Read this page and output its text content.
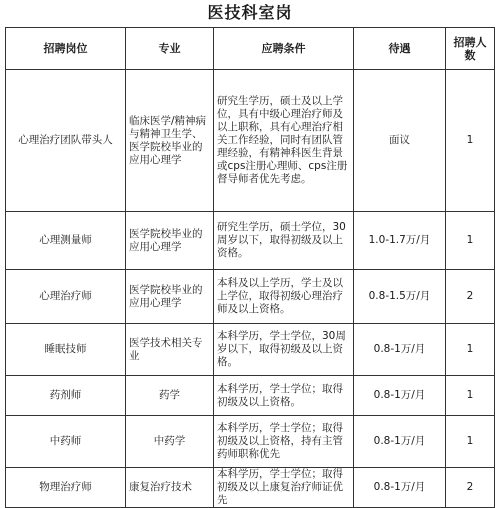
医技科室岗
招聘岗位	专业	应聘条件	待遇	招聘人数
心理治疗团队带头人	临床医学/精神病与精神卫生学、医学院校毕业的应用心理学	研究生学历，硕士及以上学位，具有中级心理治疗师及以上职称，具有心理治疗相关工作经验，同时有团队管理经验，有精神科医生背景或cps注册心理师、cps注册督导师者优先考虑。	面议	1
心理测量师	医学院校毕业的应用心理学	研究生学历，硕士学位，30周岁以下，取得初级及以上资格。	1.0-1.7万/月	1
心理治疗师	医学院校毕业的应用心理学	本科及以上学历，学士及以上学位，取得初级心理治疗师及以上资格。	0.8-1.5万/月	2
睡眠技师	医学技术相关专业	本科学历，学士学位，30周岁以下，取得初级及以上资格。	0.8-1万/月	1
药剂师	药学	本科学历，学士学位；取得初级及以上资格。	0.8-1万/月	1
中药师	中药学	本科学历，学士学位；取得初级及以上资格，持有主管药师职称优先	0.8-1万/月	1
物理治疗师	康复治疗技术	本科学历，学士学位；取得初级及以上康复治疗师证优先	0.8-1万/月	2
